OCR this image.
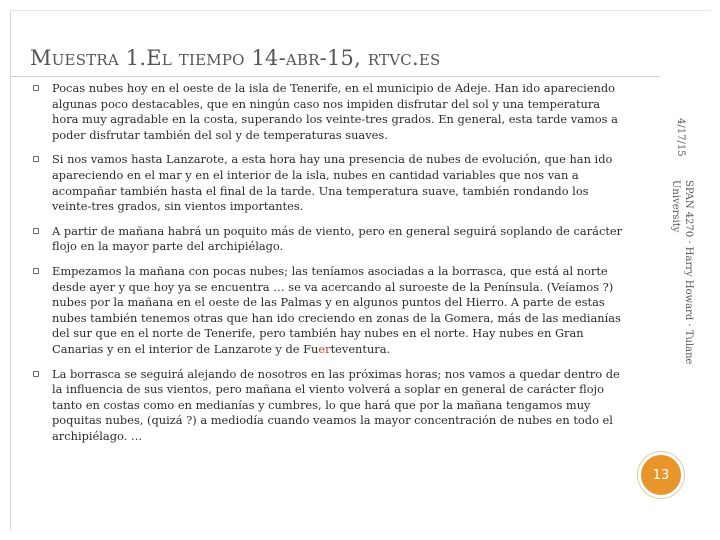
Muestra 1.El tiempo 14-abr-15, rtvc.es
Pocas nubes hoy en el oeste de la isla de Tenerife, en el municipio de Adeje. Han ido apareciendo algunas poco destacables, que en ningún caso nos impiden disfrutar del sol y una temperatura hora muy agradable en la costa, superando los veinte-tres grados. En general, esta tarde vamos a poder disfrutar también del sol y de temperaturas suaves.
Si nos vamos hasta Lanzarote, a esta hora hay una presencia de nubes de evolución, que han ido apareciendo en el mar y en el interior de la isla, nubes en cantidad variables que nos van a acompañar también hasta el final de la tarde. Una temperatura suave, también rondando los veinte-tres grados, sin vientos importantes.
A partir de mañana habrá un poquito más de viento, pero en general seguirá soplando de carácter flojo en la mayor parte del archipiélago.
Empezamos la mañana con pocas nubes; las teníamos asociadas a la borrasca, que está al norte desde ayer y que hoy ya se encuentra … se va acercando al suroeste de la Península. (Veíamos ?) nubes por la mañana en el oeste de las Palmas y en algunos puntos del Hierro. A parte de estas nubes también tenemos otras que han ido creciendo en zonas de la Gomera, más de las medianías del sur que en el norte de Tenerife, pero también hay nubes en el norte. Hay nubes en Gran Canarias y en el interior de Lanzarote y de Fuerteventura.
La borrasca se seguirá alejando de nosotros en las próximas horas; nos vamos a quedar dentro de la influencia de sus vientos, pero mañana el viento volverá a soplar en general de carácter flojo tanto en costas como en medianías y cumbres, lo que hará que por la mañana tengamos muy poquitas nubes, (quizá ?) a mediodía cuando veamos la mayor concentración de nubes en todo el archipiélago. …
4/17/15
SPAN 4270 · Harry Howard · Tulane University
13
